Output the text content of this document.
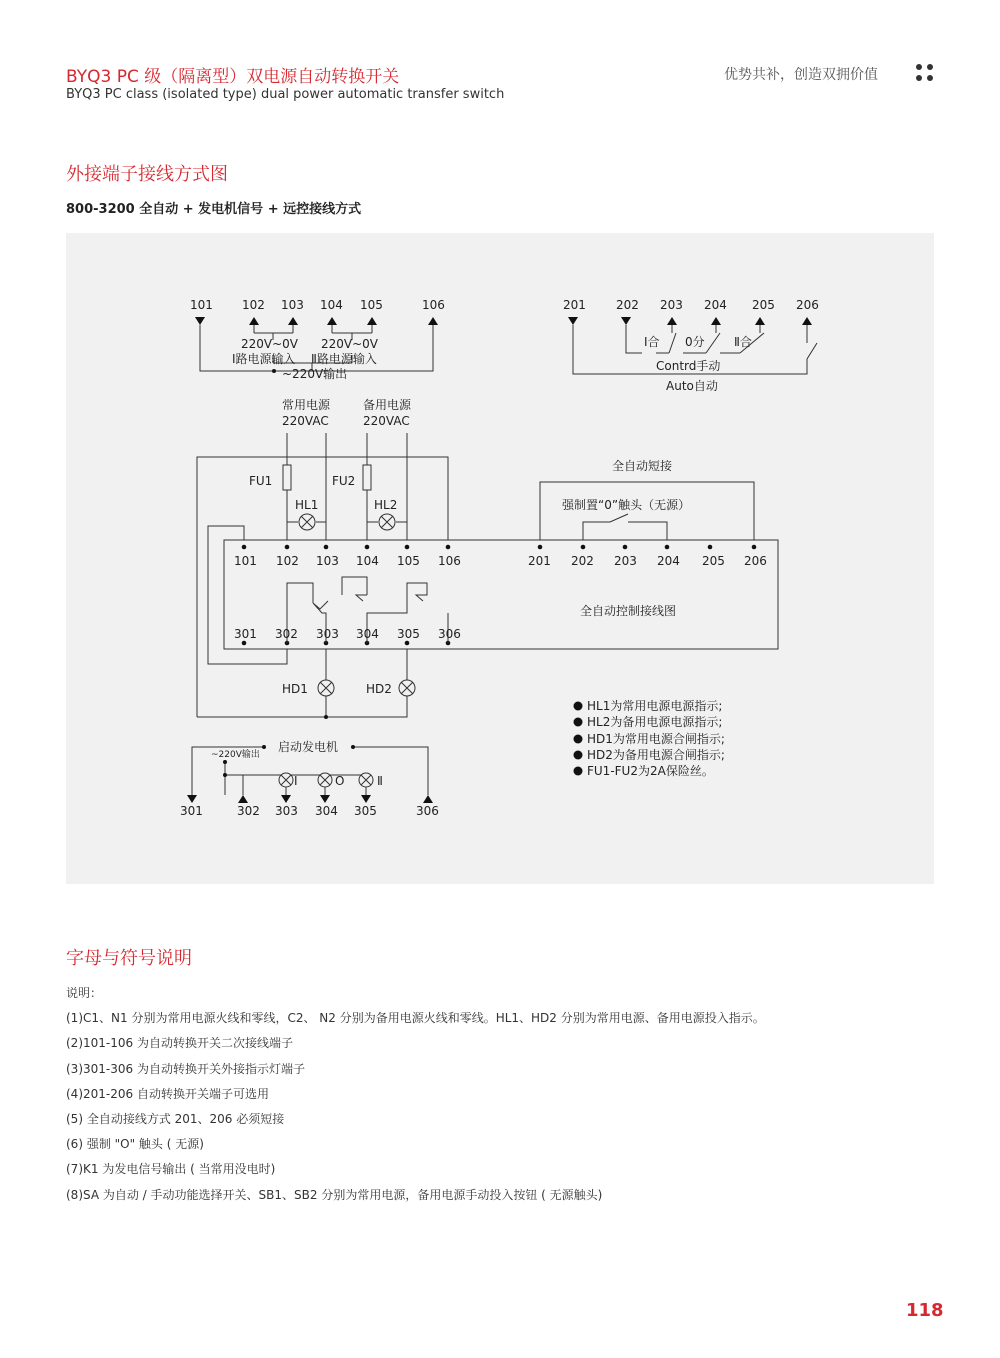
BYQ3 PC 级（隔离型）双电源自动转换开关
BYQ3 PC class (isolated type) dual power automatic transfer switch
优势共补，创造双拥价值
外接端子接线方式图
800-3200 全自动 + 发电机信号 + 远控接线方式
101 102 103 104 105	106
220V~0V 220V~0V
Ⅰ路电源输入 Ⅱ路电源输入
~220V输出
201	202 203 204 205 206
Ⅰ合 0分 Ⅱ合
Contrd手动
Auto自动
常用电源
220VAC
备用电源
220VAC
FU1	FU2
HL1	HL2
全自动短接
强制置“0”触头（无源）
101 102 103 104 105 106	201 202 203 204 205 206
全自动控制接线图
301 302 303 304 305 306
HD1	HD2
HL1为常用电源电源指示;
HL2为备用电源电源指示;
HD1为常用电源合闸指示;
HD2为备用电源合闸指示;
FU1-FU2为2A保险丝。
启动发电机
~220V输出
Ⅰ	O	Ⅱ
301	302 303 304 305	306
字母与符号说明
说明：
(1)C1、N1 分别为常用电源火线和零线，C2、 N2 分别为备用电源火线和零线。HL1、HD2 分别为常用电源、备用电源投入指示。
(2)101-106 为自动转换开关二次接线端子
(3)301-306 为自动转换开关外接指示灯端子
(4)201-206 自动转换开关端子可选用
(5) 全自动接线方式 201、206 必须短接
(6) 强制 "O" 触头 ( 无源)
(7)K1 为发电信号输出 ( 当常用没电时)
(8)SA 为自动 / 手动功能选择开关、SB1、SB2 分别为常用电源，备用电源手动投入按钮 ( 无源触头)
118
